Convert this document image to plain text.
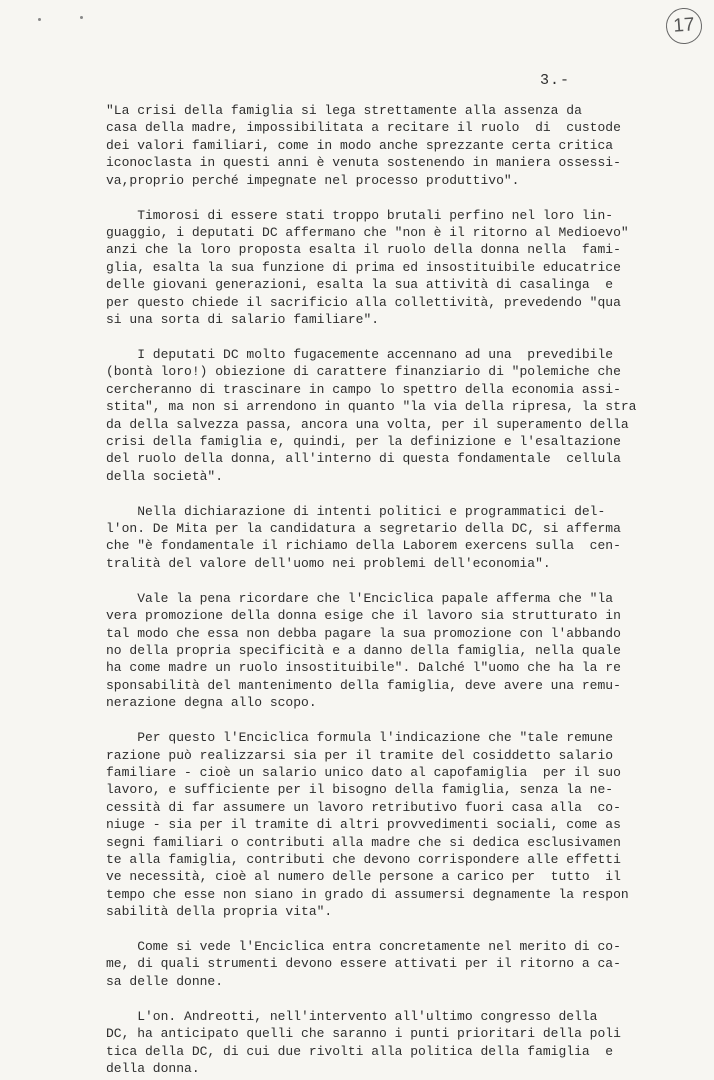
17
3.-

"La crisi della famiglia si lega strettamente alla assenza da
casa della madre, impossibilitata a recitare il ruolo  di  custode
dei valori familiari, come in modo anche sprezzante certa critica
iconoclasta in questi anni è venuta sostenendo in maniera ossessi-
va,proprio perché impegnate nel processo produttivo".

Timorosi di essere stati troppo brutali perfino nel loro lin-
guaggio, i deputati DC affermano che "non è il ritorno al Medioevo"
anzi che la loro proposta esalta il ruolo della donna nella  fami-
glia, esalta la sua funzione di prima ed insostituibile educatrice
delle giovani generazioni, esalta la sua attività di casalinga  e
per questo chiede il sacrificio alla collettività, prevedendo "qua
si una sorta di salario familiare".

I deputati DC molto fugacemente accennano ad una  prevedibile
(bontà loro!) obiezione di carattere finanziario di "polemiche che
cercheranno di trascinare in campo lo spettro della economia assi-
stita", ma non si arrendono in quanto "la via della ripresa, la stra
da della salvezza passa, ancora una volta, per il superamento della
crisi della famiglia e, quindi, per la definizione e l'esaltazione
del ruolo della donna, all'interno di questa fondamentale  cellula
della società".

Nella dichiarazione di intenti politici e programmatici del-
l'on. De Mita per la candidatura a segretario della DC, si afferma
che "è fondamentale il richiamo della Laborem exercens sulla  cen-
tralità del valore dell'uomo nei problemi dell'economia".

Vale la pena ricordare che l'Enciclica papale afferma che "la
vera promozione della donna esige che il lavoro sia strutturato in
tal modo che essa non debba pagare la sua promozione con l'abbando
no della propria specificità e a danno della famiglia, nella quale
ha come madre un ruolo insostituibile". Dalché l"uomo che ha la re
sponsabilità del mantenimento della famiglia, deve avere una remu-
nerazione degna allo scopo.

Per questo l'Enciclica formula l'indicazione che "tale remune
razione può realizzarsi sia per il tramite del cosiddetto salario
familiare - cioè un salario unico dato al capofamiglia  per il suo
lavoro, e sufficiente per il bisogno della famiglia, senza la ne-
cessità di far assumere un lavoro retributivo fuori casa alla  co-
niuge - sia per il tramite di altri provvedimenti sociali, come as
segni familiari o contributi alla madre che si dedica esclusivamen
te alla famiglia, contributi che devono corrispondere alle effetti
ve necessità, cioè al numero delle persone a carico per  tutto  il
tempo che esse non siano in grado di assumersi degnamente la respon
sabilità della propria vita".

Come si vede l'Enciclica entra concretamente nel merito di co-
me, di quali strumenti devono essere attivati per il ritorno a ca-
sa delle donne.

L'on. Andreotti, nell'intervento all'ultimo congresso della
DC, ha anticipato quelli che saranno i punti prioritari della poli
tica della DC, di cui due rivolti alla politica della famiglia  e
della donna.
